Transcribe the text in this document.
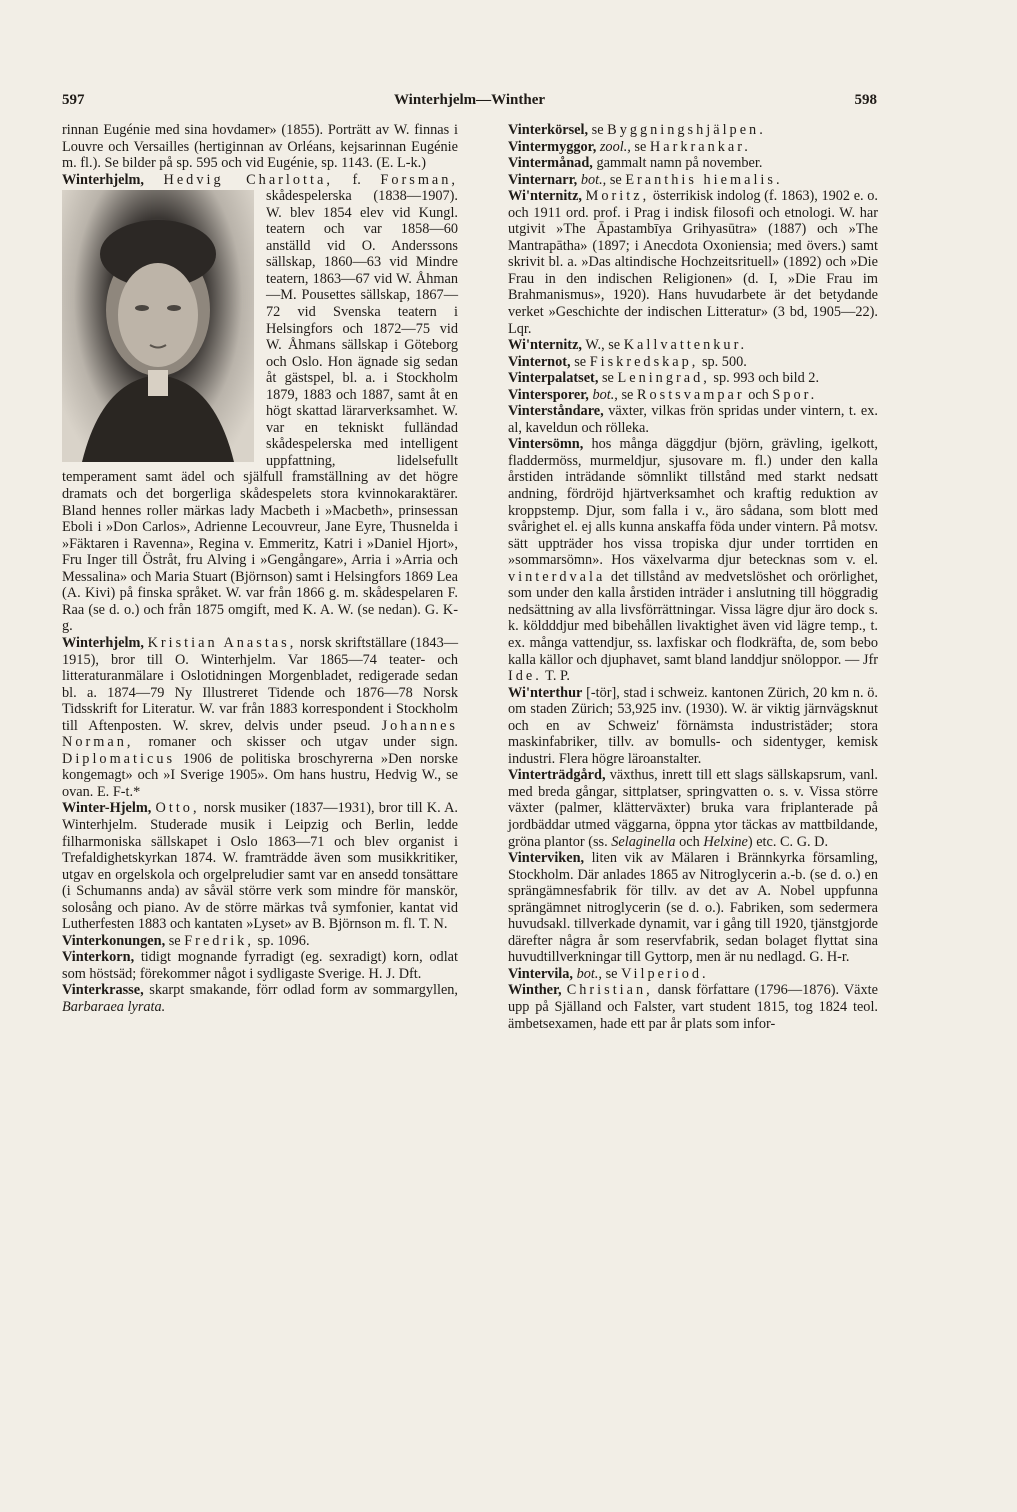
597	Winterhjelm—Winther	598

rinnan Eugénie med sina hovdamer» (1855). Porträtt av W. finnas i Louvre och Versailles (hertiginnan av Orléans, kejsarinnan Eugénie m. fl.). Se bilder på sp. 595 och vid Eugénie, sp. 1143. (E. L-k.)

Winterhjelm, Hedvig Charlotta, f. Forsman,
skådespelerska (1838—1907). W. blev 1854 elev vid Kungl. teatern och var 1858—60 anställd vid O. Anderssons sällskap, 1860—63 vid Mindre teatern, 1863—67 vid W. Åhman—M. Pousettes sällskap, 1867—72 vid Svenska teatern i Helsingfors och 1872—75 vid W. Åhmans sällskap i Göteborg och Oslo. Hon ägnade sig sedan åt gästspel, bl. a. i Stockholm 1879, 1883 och 1887, samt åt en högt skattad lärarverksamhet. W. var en tekniskt fulländad skådespelerska med intelligent uppfattning, lidelsefullt temperament samt ädel och själfull framställning av det högre dramats och det borgerliga skådespelets stora kvinnokaraktärer. Bland hennes roller märkas lady Macbeth i »Macbeth», prinsessan Eboli i »Don Carlos», Adrienne Lecouvreur, Jane Eyre, Thusnelda i »Fäktaren i Ravenna», Regina v. Emmeritz, Katri i »Daniel Hjort», Fru Inger till Östråt, fru Alving i »Gengångare», Arria i »Arria och Messalina» och Maria Stuart (Björnson) samt i Helsingfors 1869 Lea (A. Kivi) på finska språket. W. var från 1866 g. m. skådespelaren F. Raa (se d. o.) och från 1875 omgift, med K. A. W. (se nedan). G. K-g.

Winterhjelm, Kristian Anastas, norsk skriftställare (1843—1915), bror till O. Winterhjelm. Var 1865—74 teater- och litteraturanmälare i Oslotidningen Morgenbladet, redigerade sedan bl. a. 1874—79 Ny Illustreret Tidende och 1876—78 Norsk Tidsskrift for Literatur. W. var från 1883 korrespondent i Stockholm till Aftenposten. W. skrev, delvis under pseud. Johannes Norman, romaner och skisser och utgav under sign. Diplomaticus 1906 de politiska broschyrerna »Den norske kongemagt» och »I Sverige 1905». Om hans hustru, Hedvig W., se ovan. E. F-t.*

Winter-Hjelm, Otto, norsk musiker (1837—1931), bror till K. A. Winterhjelm. Studerade musik i Leipzig och Berlin, ledde filharmoniska sällskapet i Oslo 1863—71 och blev organist i Trefaldighetskyrkan 1874. W. framträdde även som musikkritiker, utgav en orgelskola och orgelpreludier samt var en ansedd tonsättare (i Schumanns anda) av såväl större verk som mindre för manskör, solosång och piano. Av de större märkas två symfonier, kantat vid Lutherfesten 1883 och kantaten »Lyset» av B. Björnson m. fl. T. N.

Vinterkonungen, se Fredrik, sp. 1096.

Vinterkorn, tidigt mognande fyrradigt (eg. sexradigt) korn, odlat som höstsäd; förekommer något i sydligaste Sverige. H. J. Dft.

Vinterkrasse, skarpt smakande, förr odlad form av sommargyllen, Barbaraea lyrata.

Vinterkörsel, se Byggningshjälpen.

Vintermyggor, zool., se Harkrankar.

Vintermånad, gammalt namn på november.

Vinternarr, bot., se Eranthis hiemalis.

Wi'nternitz, Moritz, österrikisk indolog (f. 1863), 1902 e. o. och 1911 ord. prof. i Prag i indisk filosofi och etnologi. W. har utgivit »The Āpastambīya Grihyasūtra» (1887) och »The Mantrapātha» (1897; i Anecdota Oxoniensia; med övers.) samt skrivit bl. a. »Das altindische Hochzeitsrituell» (1892) och »Die Frau in den indischen Religionen» (d. I, »Die Frau im Brahmanismus», 1920). Hans huvudarbete är det betydande verket »Geschichte der indischen Litteratur» (3 bd, 1905—22). Lqr.

Wi'nternitz, W., se Kallvattenkur.

Vinternot, se Fiskredskap, sp. 500.

Vinterpalatset, se Leningrad, sp. 993 och bild 2.

Vintersporer, bot., se Rostsvampar och Spor.

Vinterståndare, växter, vilkas frön spridas under vintern, t. ex. al, kaveldun och rölleka.

Vintersömn, hos många däggdjur (björn, grävling, igelkott, fladdermöss, murmeldjur, sjusovare m. fl.) under den kalla årstiden inträdande sömnlikt tillstånd med starkt nedsatt andning, fördröjd hjärtverksamhet och kraftig reduktion av kroppstemp. Djur, som falla i v., äro sådana, som blott med svårighet el. ej alls kunna anskaffa föda under vintern. På motsv. sätt uppträder hos vissa tropiska djur under torrtiden en »sommarsömn». Hos växelvarma djur betecknas som v. el. vinterdvala det tillstånd av medvetslöshet och orörlighet, som under den kalla årstiden inträder i anslutning till höggradig nedsättning av alla livsförrättningar. Vissa lägre djur äro dock s. k. köldddjur med bibehållen livaktighet även vid lägre temp., t. ex. många vattendjur, ss. laxfiskar och flodkräfta, de, som bebo kalla källor och djuphavet, samt bland landdjur snöloppor. — Jfr Ide. T. P.

Wi'nterthur [-tör], stad i schweiz. kantonen Zürich, 20 km n. ö. om staden Zürich; 53,925 inv. (1930). W. är viktig järnvägsknut och en av Schweiz' förnämsta industristäder; stora maskinfabriker, tillv. av bomulls- och sidentyger, kemisk industri. Flera högre läroanstalter.

Vinterträdgård, växthus, inrett till ett slags sällskapsrum, vanl. med breda gångar, sittplatser, springvatten o. s. v. Vissa större växter (palmer, klätterväxter) bruka vara friplanterade på jordbäddar utmed väggarna, öppna ytor täckas av mattbildande, gröna plantor (ss. Selaginella och Helxine) etc. C. G. D.

Vinterviken, liten vik av Mälaren i Brännkyrka församling, Stockholm. Där anlades 1865 av Nitroglycerin a.-b. (se d. o.) en sprängämnesfabrik för tillv. av det av A. Nobel uppfunna sprängämnet nitroglycerin (se d. o.). Fabriken, som sedermera huvudsakl. tillverkade dynamit, var i gång till 1920, tjänstgjorde därefter några år som reservfabrik, sedan bolaget flyttat sina huvudtillverkningar till Gyttorp, men är nu nedlagd. G. H-r.

Vintervila, bot., se Vilperiod.

Winther, Christian, dansk författare (1796—1876). Växte upp på Själland och Falster, vart student 1815, tog 1824 teol. ämbetsexamen, hade ett par år plats som infor-
